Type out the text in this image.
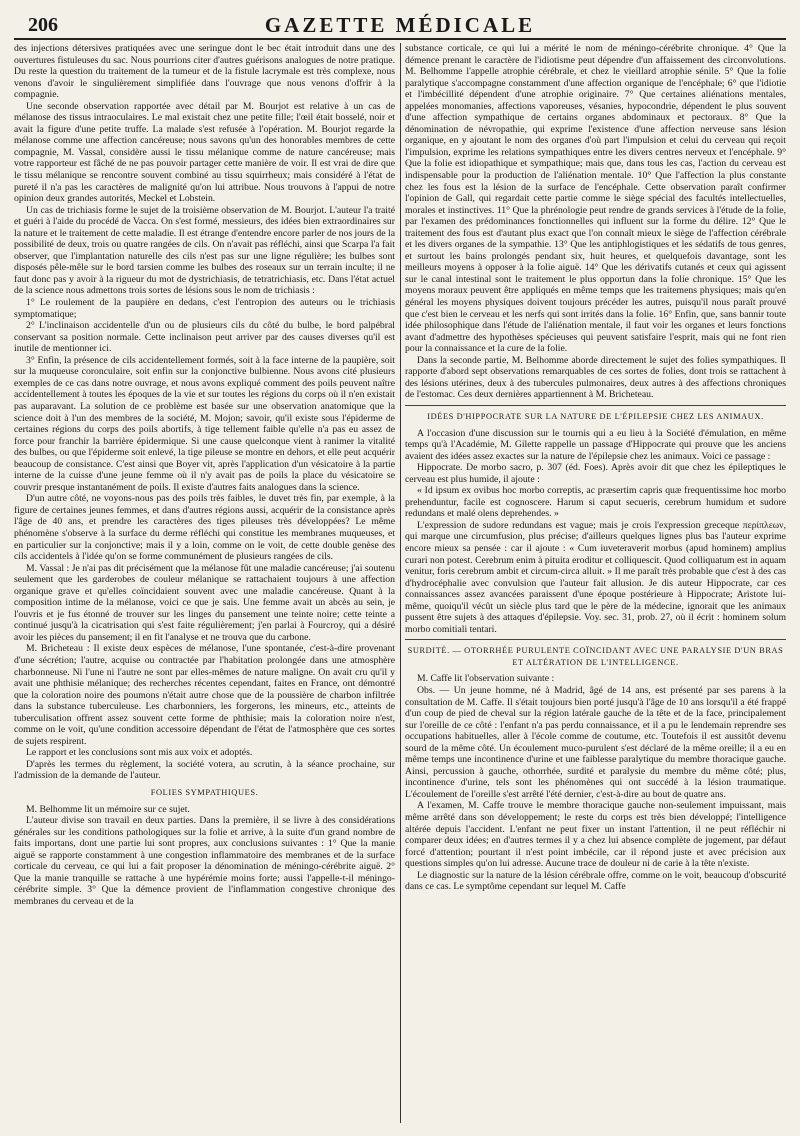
206	GAZETTE MÉDICALE

des injections détersives pratiquées avec une seringue dont le bec était introduit dans une des ouvertures fistuleuses du sac. Nous pourrions citer d'autres guérisons analogues de notre pratique. Du reste la question du traitement de la tumeur et de la fistule lacrymale est très complexe, nous venons d'avoir le singulièrement simplifiée dans l'ouvrage que nous venons d'offrir à la compagnie.

Une seconde observation rapportée avec détail par M. Bourjot est relative à un cas de mélanose des tissus intraoculaires. Le mal existait chez une petite fille; l'œil était bosselé, noir et avait la figure d'une petite truffe. La malade s'est refusée à l'opération. M. Bourjot regarde la mélanose comme une affection cancéreuse; nous savons qu'un des honorables membres de cette compagnie, M. Vassal, considère aussi le tissu mélanique comme de nature cancéreuse; mais votre rapporteur est fâché de ne pas pouvoir partager cette manière de voir. Il est vrai de dire que le tissu mélanique se rencontre souvent combiné au tissu squirrheux; mais considéré à l'état de pureté il n'a pas les caractères de malignité qu'on lui attribue. Nous trouvons à l'appui de notre opinion deux grandes autorités, Meckel et Lobstein.

Un cas de trichiasis forme le sujet de la troisième observation de M. Bourjot. L'auteur l'a traité et guéri à l'aide du procédé de Vacca. On s'est formé, messieurs, des idées bien extraordinaires sur la nature et le traitement de cette maladie. Il est étrange d'entendre encore parler de nos jours de la possibilité de deux, trois ou quatre rangées de cils. On n'avait pas réfléchi, ainsi que Scarpa l'a fait observer, que l'implantation naturelle des cils n'est pas sur une ligne régulière; les bulbes sont disposés pêle-mêle sur le bord tarsien comme les bulbes des roseaux sur un terrain inculte; il ne faut donc pas y avoir à la rigueur du mot de dystrichiasis, de tetratrichiasis, etc. Dans l'état actuel de la science nous admettons trois sortes de lésions sous le nom de trichiasis :

1° Le roulement de la paupière en dedans, c'est l'entropion des auteurs ou le trichiasis symptomatique;

2° L'inclinaison accidentelle d'un ou de plusieurs cils du côté du bulbe, le bord palpébral conservant sa position normale. Cette inclinaison peut arriver par des causes diverses qu'il est inutile de mentionner ici.

3° Enfin, la présence de cils accidentellement formés, soit à la face interne de la paupière, soit sur la muqueuse coronculaire, soit enfin sur la conjonctive bulbienne. Nous avons cité plusieurs exemples de ce cas dans notre ouvrage, et nous avons expliqué comment des poils peuvent naître accidentellement à toutes les époques de la vie et sur toutes les régions du corps où il n'en existait pas auparavant. La solution de ce problème est basée sur une observation anatomique que la science doit à l'un des membres de la société, M. Mojon; savoir, qu'il existe sous l'épiderme de certaines régions du corps des poils abortifs, à tige tellement faible qu'elle n'a pas eu assez de force pour franchir la barrière épidermique. Si une cause quelconque vient à ranimer la vitalité des bulbes, ou que l'épiderme soit enlevé, la tige pileuse se montre en dehors, et elle peut acquérir beaucoup de consistance. C'est ainsi que Boyer vit, après l'application d'un vésicatoire à la partie interne de la cuisse d'une jeune femme où il n'y avait pas de poils la place du vésicatoire se couvrir presque instantanément de poils. Il existe d'autres faits analogues dans la science.

D'un autre côté, ne voyons-nous pas des poils très faibles, le duvet très fin, par exemple, à la figure de certaines jeunes femmes, et dans d'autres régions aussi, acquérir de la consistance après l'âge de 40 ans, et prendre les caractères des tiges pileuses très développées? Le même phénomène s'observe à la surface du derme réfléchi qui constitue les membranes muqueuses, et en particulier sur la conjonctive; mais il y a loin, comme on le voit, de cette double genèse des cils accidentels à l'idée qu'on se forme communément de plusieurs rangées de cils.

M. Vassal : Je n'ai pas dit précisément que la mélanose fût une maladie cancéreuse; j'ai soutenu seulement que les garderobes de couleur mélanique se rattachaient toujours à une affection organique grave et qu'elles coïncidaient souvent avec une maladie cancéreuse. Quant à la composition intime de la mélanose, voici ce que je sais. Une femme avait un abcès au sein, je l'ouvris et je fus étonné de trouver sur les linges du pansement une teinte noire; cette teinte a continué jusqu'à la cicatrisation qui s'est faite régulièrement; j'en parlai à Fourcroy, qui a désiré avoir les pièces du pansement; il en fit l'analyse et ne trouva que du carbone.

M. Bricheteau : Il existe deux espèces de mélanose, l'une spontanée, c'est-à-dire provenant d'une sécrétion; l'autre, acquise ou contractée par l'habitation prolongée dans une atmosphère charbonneuse. Ni l'une ni l'autre ne sont par elles-mêmes de nature maligne. On avait cru qu'il y avait une phthisie mélanique; des recherches récentes cependant, faites en France, ont démontré que la coloration noire des poumons n'était autre chose que de la poussière de charbon infiltrée dans la substance tuberculeuse. Les charbonniers, les forgerons, les mineurs, etc., atteints de tuberculisation offrent assez souvent cette forme de phthisie; mais la coloration noire n'est, comme on le voit, qu'une condition accessoire dépendant de l'état de l'atmosphère que ces sortes de sujets respirent.

Le rapport et les conclusions sont mis aux voix et adoptés.

D'après les termes du règlement, la société votera, au scrutin, à la séance prochaine, sur l'admission de la demande de l'auteur.

FOLIES SYMPATHIQUES.

M. Belhomme lit un mémoire sur ce sujet.

L'auteur divise son travail en deux parties. Dans la première, il se livre à des considérations générales sur les conditions pathologiques sur la folie et arrive, à la suite d'un grand nombre de faits importans, dont une partie lui sont propres, aux conclusions suivantes : 1° Que la manie aiguë se rapporte constamment à une congestion inflammatoire des membranes et de la surface corticale du cerveau, ce qui lui a fait proposer la dénomination de méningo-cérébrite aiguë. 2° Que la manie tranquille se rattache à une hypérémie moins forte; aussi l'appelle-t-il méningo-cérébrite simple. 3° Que la démence provient de l'inflammation congestive chronique des membranes du cerveau et de la

substance corticale, ce qui lui a mérité le nom de méningo-cérébrite chronique. 4° Que la démence prenant le caractère de l'idiotisme peut dépendre d'un affaissement des circonvolutions. M. Belhomme l'appelle atrophie cérébrale, et chez le vieillard atrophie sénile. 5° Que la folie paralytique s'accompagne constamment d'une affection organique de l'encéphale; 6° que l'idiotie et l'imbécillité dépendent d'une atrophie originaire. 7° Que certaines aliénations mentales, appelées monomanies, affections vaporeuses, vésanies, hypocondrie, dépendent le plus souvent d'une affection sympathique de certains organes abdominaux et pectoraux. 8° Que la dénomination de névropathie, qui exprime l'existence d'une affection nerveuse sans lésion organique, en y ajoutant le nom des organes d'où part l'impulsion et celui du cerveau qui reçoit l'impulsion, exprime les relations sympathiques entre les divers centres nerveux et l'encéphale. 9° Que la folie est idiopathique et sympathique; mais que, dans tous les cas, l'action du cerveau est indispensable pour la production de l'aliénation mentale. 10° Que l'affection la plus constante chez les fous est la lésion de la surface de l'encéphale. Cette observation paraît confirmer l'opinion de Gall, qui regardait cette partie comme le siège spécial des facultés intellectuelles, morales et instinctives. 11° Que la phrénologie peut rendre de grands services à l'étude de la folie, par l'examen des prédominances fonctionnelles qui influent sur la forme du délire. 12° Que le traitement des fous est d'autant plus exact que l'on connaît mieux le siège de l'affection cérébrale et les divers organes de la sympathie. 13° Que les antiphlogistiques et les sédatifs de tous genres, et surtout les bains prolongés pendant six, huit heures, et quelquefois davantage, sont les meilleurs moyens à opposer à la folie aiguë. 14° Que les dérivatifs cutanés et ceux qui agissent sur le canal intestinal sont le traitement le plus opportun dans la folie chronique. 15° Que les moyens moraux peuvent être appliqués en même temps que les traitemens physiques; mais qu'en général les moyens physiques doivent toujours précéder les autres, puisqu'il nous paraît prouvé que c'est bien le cerveau et les nerfs qui sont irrités dans la folie. 16° Enfin, que, sans bannir toute idée philosophique dans l'étude de l'aliénation mentale, il faut voir les organes et leurs fonctions avant d'admettre des hypothèses spécieuses qui peuvent satisfaire l'esprit, mais qui ne font rien pour la connaissance et la cure de la folie.

Dans la seconde partie, M. Belhomme aborde directement le sujet des folies sympathiques. Il rapporte d'abord sept observations remarquables de ces sortes de folies, dont trois se rattachent à des lésions utérines, deux à des tubercules pulmonaires, deux autres à des affections chroniques de l'estomac. Ces deux dernières appartiennent à M. Bricheteau.

IDÉES D'HIPPOCRATE SUR LA NATURE DE L'ÉPILEPSIE CHEZ LES ANIMAUX.

A l'occasion d'une discussion sur le tournis qui a eu lieu à la Société d'émulation, en même temps qu'à l'Académie, M. Gilette rappelle un passage d'Hippocrate qui prouve que les anciens avaient des idées assez exactes sur la nature de l'épilepsie chez les animaux. Voici ce passage :

Hippocrate. De morbo sacro, p. 307 (éd. Foes). Après avoir dit que chez les épileptiques le cerveau est plus humide, il ajoute :

« Id ipsum ex ovibus hoc morbo correptis, ac præsertim capris quæ frequentissime hoc morbo prehenduntur, facile est cognoscere. Harum si caput secueris, cerebrum humidum et sudore redundans et malé olens deprehendes. »

L'expression de sudore redundans est vague; mais je crois l'expression greceque περίπλεων, qui marque une circumfusion, plus précise; d'ailleurs quelques lignes plus bas l'auteur exprime encore mieux sa pensée : car il ajoute : « Cum iuveteraverit morbus (apud hominem) amplius curari non potest. Cerebrum enim à pituita eroditur et colliquescit. Quod colliquatum est in aquam venitur, foris cerebrum ambit et circum-circa alluit. » Il me paraît très probable que c'est à des cas d'hydrocéphalie avec convulsion que l'auteur fait allusion. Je dis auteur Hippocrate, car ces connaissances assez avancées paraissent d'une époque postérieure à Hippocrate; Aristote lui-même, quoiqu'il vécût un siècle plus tard que le père de la médecine, ignorait que les animaux pussent être sujets à des attaques d'épilepsie. Voy. sec. 31, prob. 27, où il écrit : hominem solum morbo comitiali tentari.

SURDITÉ. — OTORRHÉE PURULENTE COÏNCIDANT AVEC UNE PARALYSIE D'UN BRAS ET ALTÉRATION DE L'INTELLIGENCE.

M. Caffe lit l'observation suivante :

Obs. — Un jeune homme, né à Madrid, âgé de 14 ans, est présenté par ses parens à la consultation de M. Caffe. Il s'était toujours bien porté jusqu'à l'âge de 10 ans lorsqu'il a été frappé d'un coup de pied de cheval sur la région latérale gauche de la tête et de la face, principalement sur l'oreille de ce côté : l'enfant n'a pas perdu connaissance, et il a pu le lendemain reprendre ses occupations habituelles, aller à l'école comme de coutume, etc. Toutefois il est aussitôt devenu sourd de la même côté. Un écoulement muco-purulent s'est déclaré de la même oreille; il a eu en même temps une incontinence d'urine et une faiblesse paralytique du membre thoracique gauche. Ainsi, percussion à gauche, othorrhée, surdité et paralysie du membre du même côté; plus, incontinence d'urine, tels sont les phénomènes qui ont succédé à la lésion traumatique. L'écoulement de l'oreille s'est arrêté l'été dernier, c'est-à-dire au bout de quatre ans.

A l'examen, M. Caffe trouve le membre thoracique gauche non-seulement impuissant, mais même arrêté dans son développement; le reste du corps est très bien développé; l'intelligence altérée depuis l'accident. L'enfant ne peut fixer un instant l'attention, il ne peut réfléchir ni comparer deux idées; en d'autres termes il y a chez lui absence complète de jugement, par défaut forcé d'attention; pourtant il n'est point imbécile, car il répond juste et avec précision aux questions simples qu'on lui adresse. Aucune trace de douleur ni de carie à la tête n'existe.

Le diagnostic sur la nature de la lésion cérébrale offre, comme on le voit, beaucoup d'obscurité dans ce cas. Le symptôme cependant sur lequel M. Caffe
